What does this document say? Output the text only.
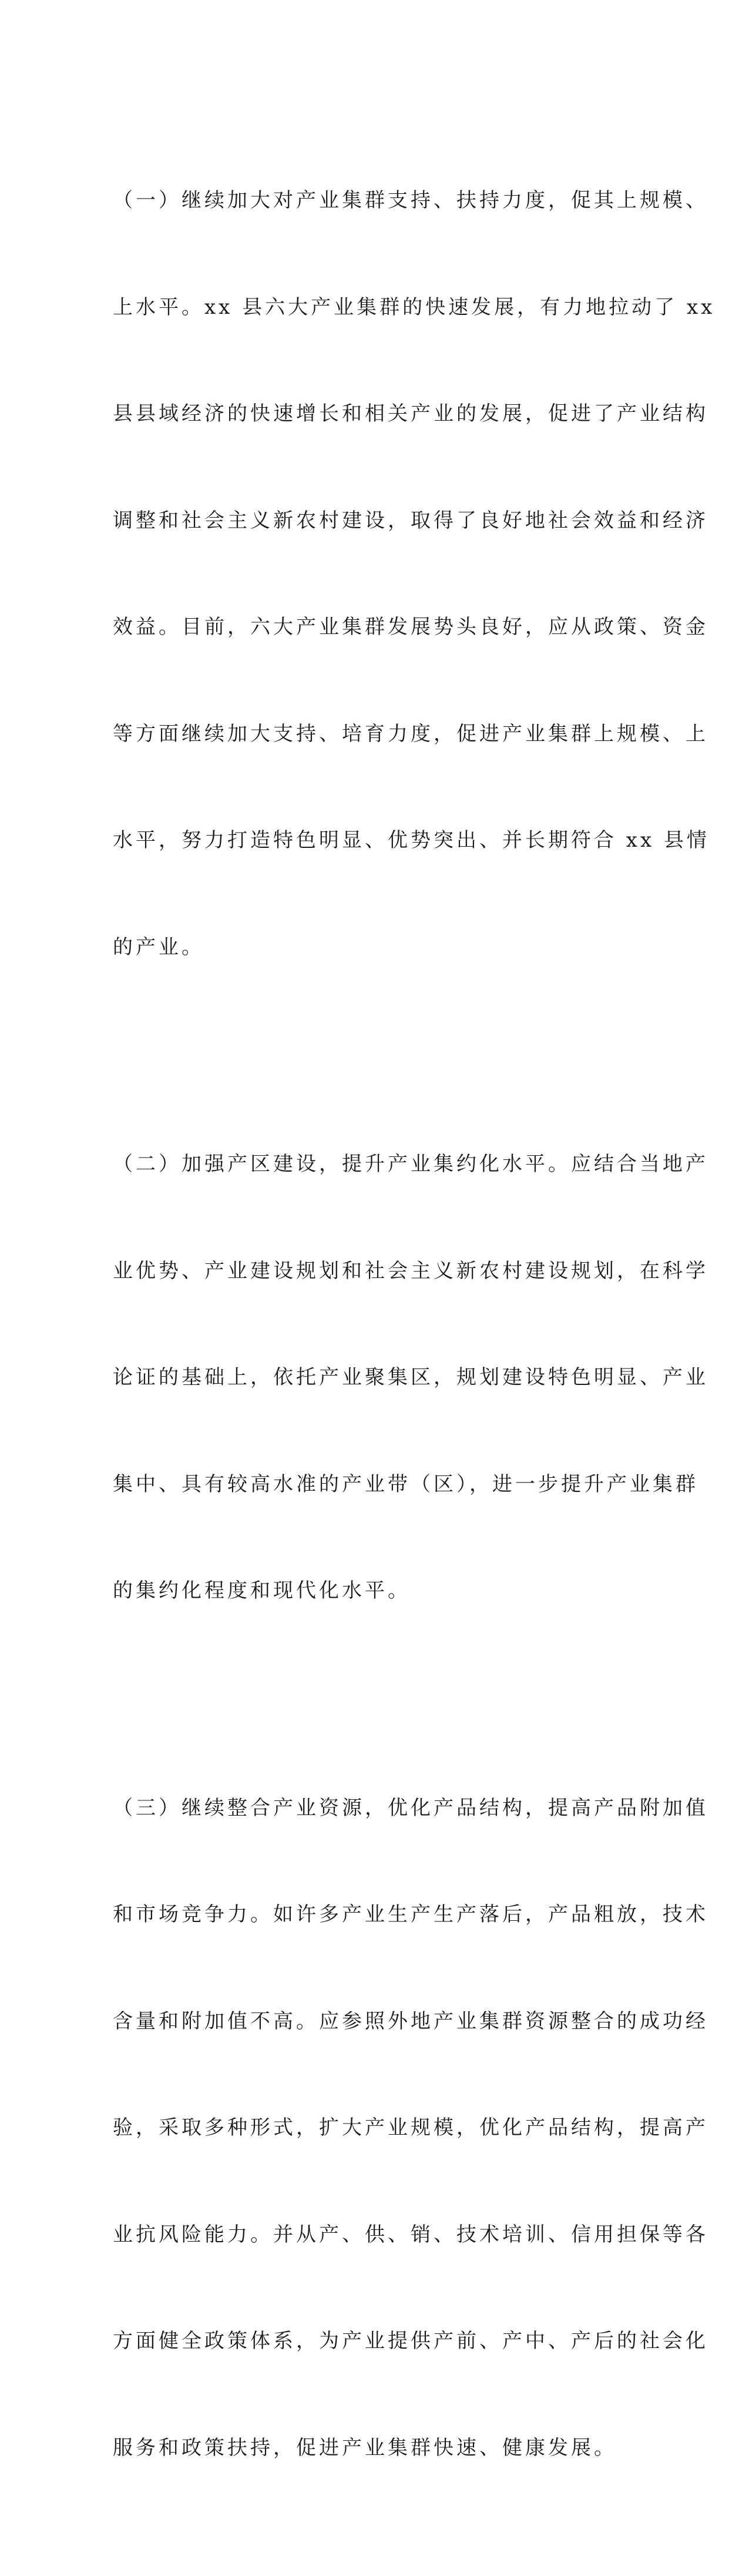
（一）继续加大对产业集群支持、扶持力度，促其上规模、

上水平。xx 县六大产业集群的快速发展，有力地拉动了 xx

县县域经济的快速增长和相关产业的发展，促进了产业结构

调整和社会主义新农村建设，取得了良好地社会效益和经济

效益。目前，六大产业集群发展势头良好，应从政策、资金

等方面继续加大支持、培育力度，促进产业集群上规模、上

水平，努力打造特色明显、优势突出、并长期符合 xx 县情

的产业。

（二）加强产区建设，提升产业集约化水平。应结合当地产

业优势、产业建设规划和社会主义新农村建设规划，在科学

论证的基础上，依托产业聚集区，规划建设特色明显、产业

集中、具有较高水准的产业带（区），进一步提升产业集群

的集约化程度和现代化水平。

（三）继续整合产业资源，优化产品结构，提高产品附加值

和市场竞争力。如许多产业生产生产落后，产品粗放，技术

含量和附加值不高。应参照外地产业集群资源整合的成功经

验，采取多种形式，扩大产业规模，优化产品结构，提高产

业抗风险能力。并从产、供、销、技术培训、信用担保等各

方面健全政策体系，为产业提供产前、产中、产后的社会化

服务和政策扶持，促进产业集群快速、健康发展。
